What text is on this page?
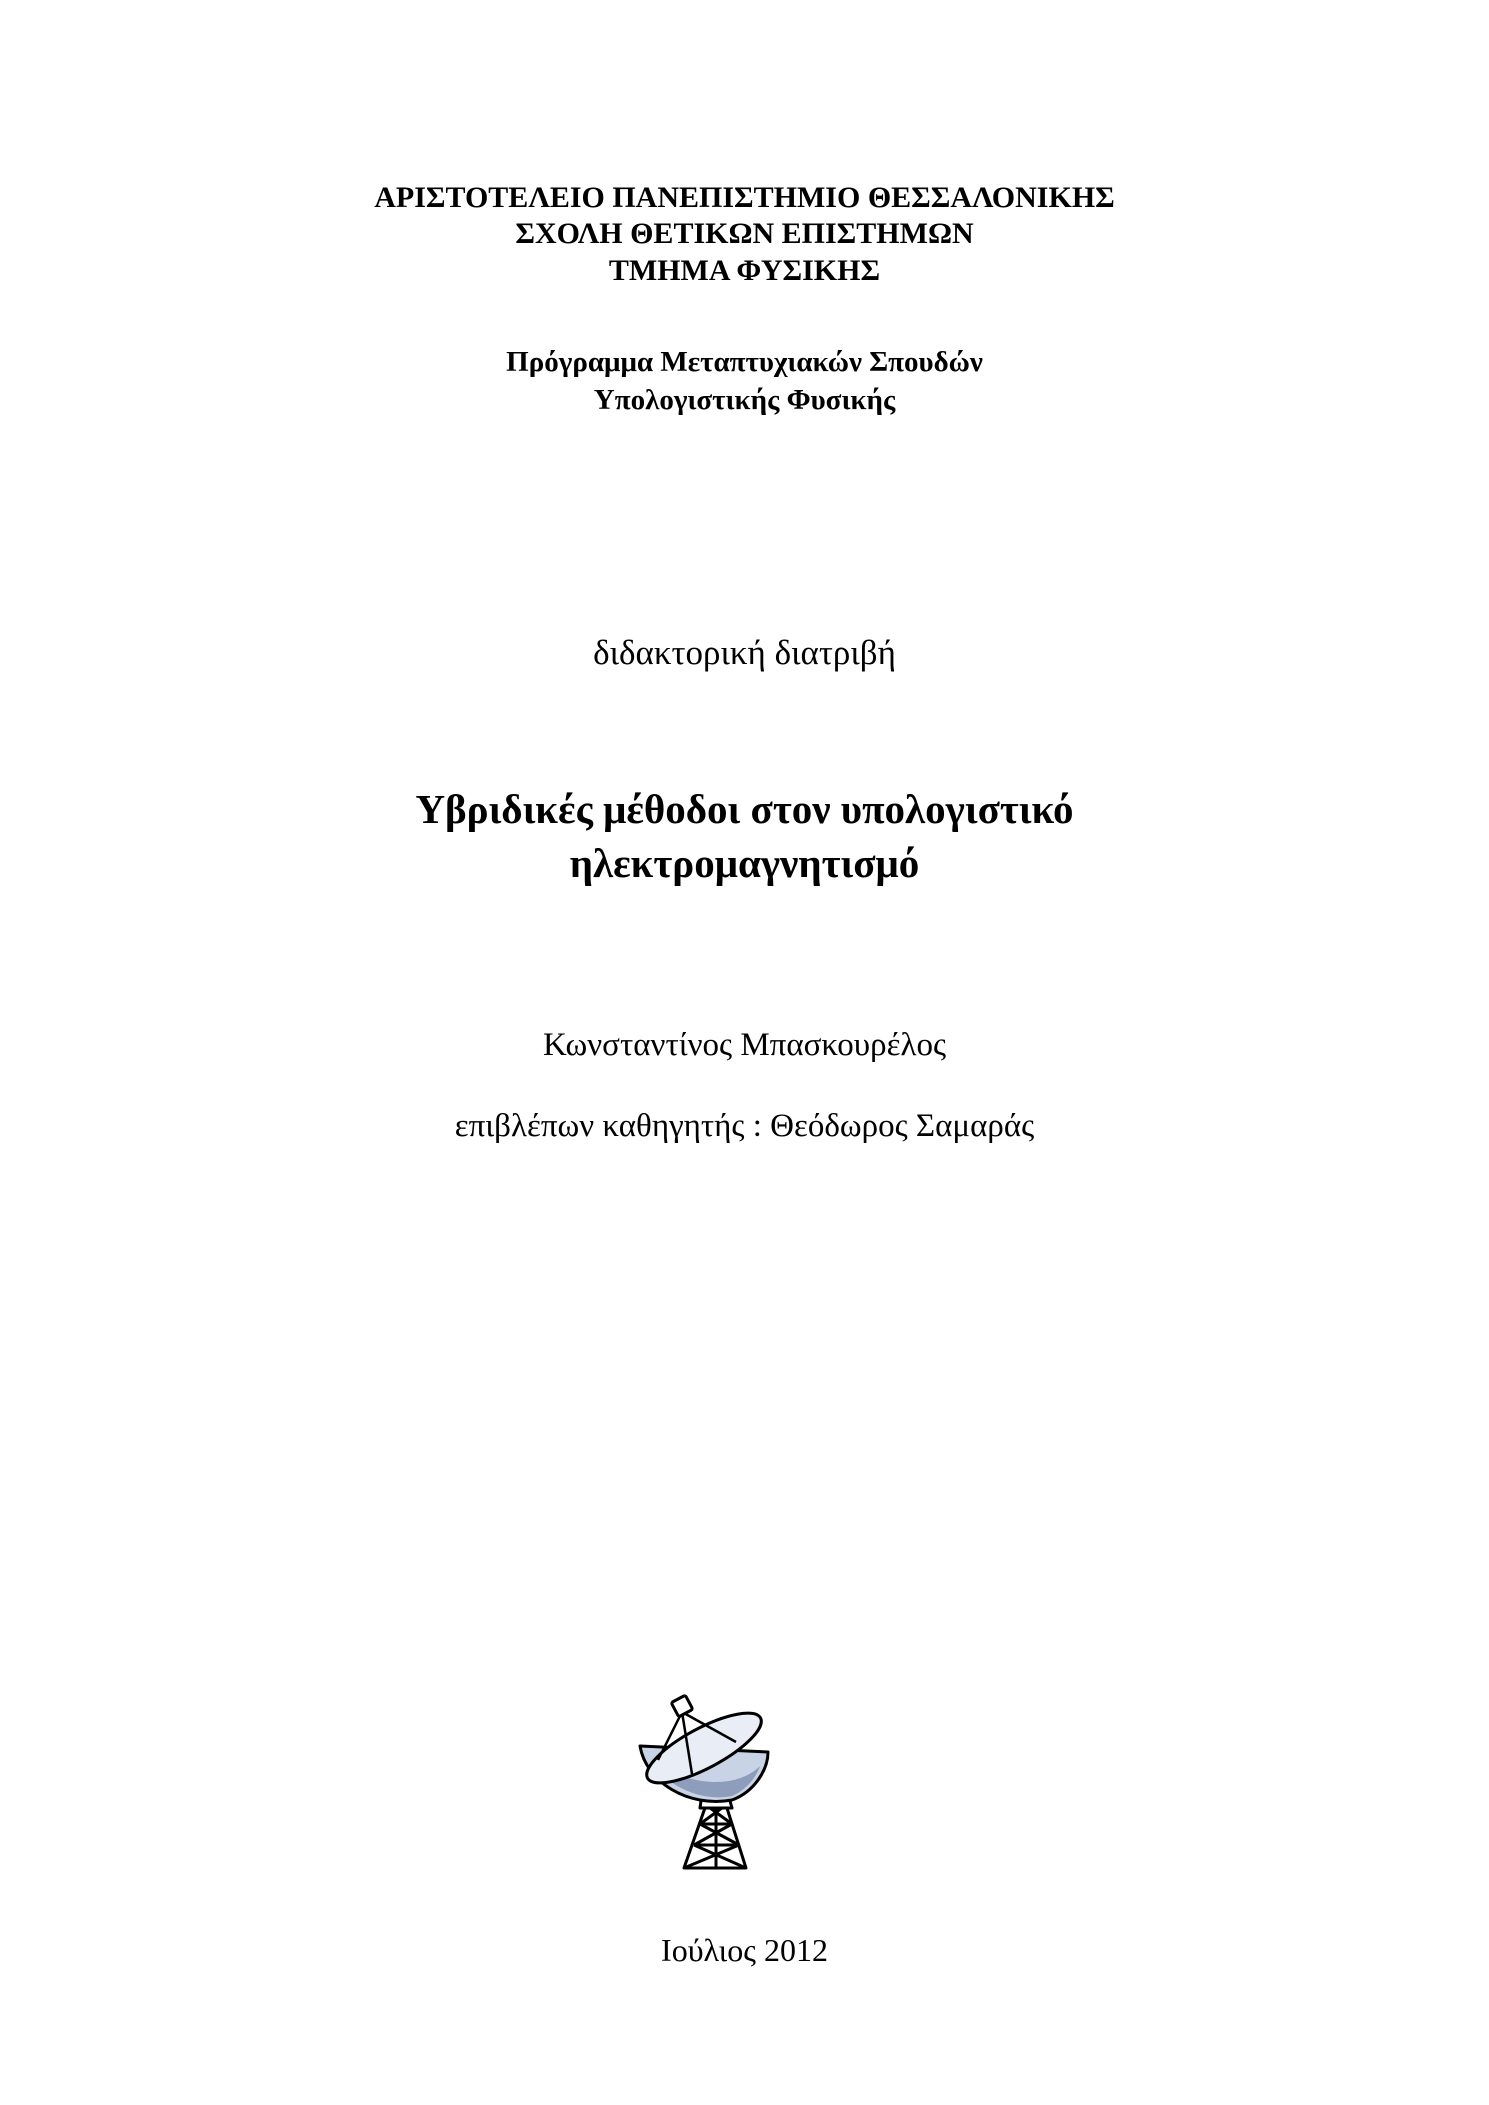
ΑΡΙΣΤΟΤΕΛΕΙΟ ΠΑΝΕΠΙΣΤΗΜΙΟ ΘΕΣΣΑΛΟΝΙΚΗΣ
ΣΧΟΛΗ ΘΕΤΙΚΩΝ ΕΠΙΣΤΗΜΩΝ
ΤΜΗΜΑ ΦΥΣΙΚΗΣ
Πρόγραμμα Μεταπτυχιακών Σπουδών
Υπολογιστικής Φυσικής
διδακτορική διατριβή
Υβριδικές μέθοδοι στον υπολογιστικό
ηλεκτρομαγνητισμό
Κωνσταντίνος Μπασκουρέλος
επιβλέπων καθηγητής : Θεόδωρος Σαμαράς
Ιούλιος 2012
